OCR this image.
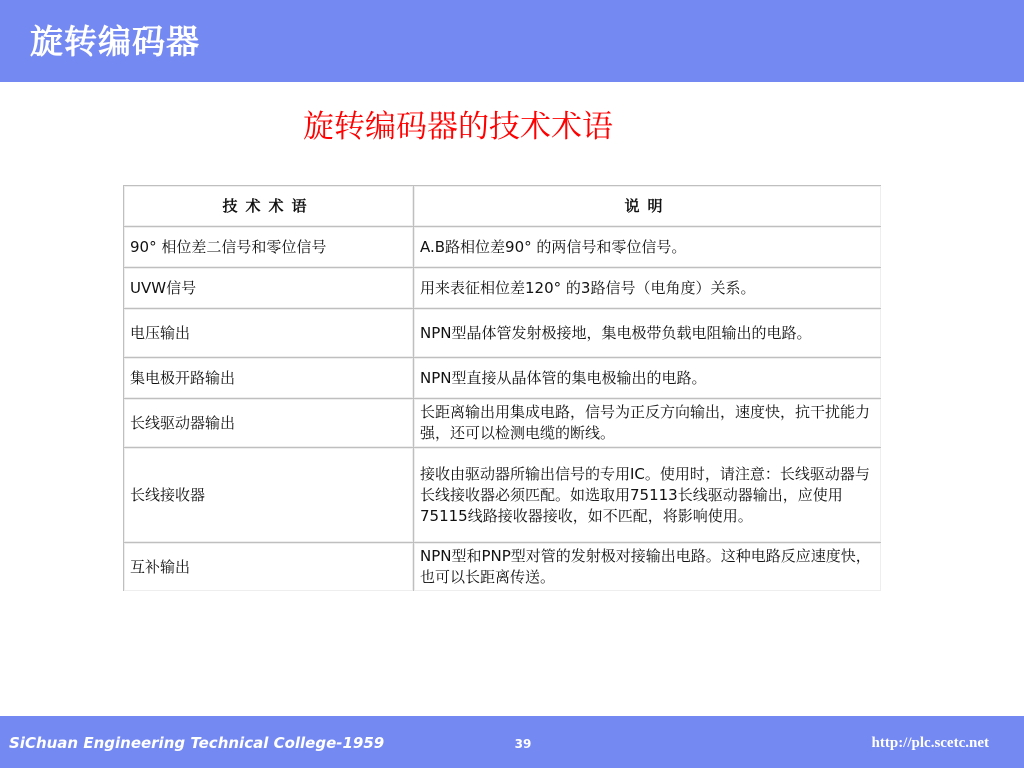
旋转编码器
旋转编码器的技术术语
技术术语	说明
90° 相位差二信号和零位信号	A.B路相位差90° 的两信号和零位信号。
UVW信号	用来表征相位差120° 的3路信号（电角度）关系。
电压输出	NPN型晶体管发射极接地，集电极带负载电阻输出的电路。
集电极开路输出	NPN型直接从晶体管的集电极输出的电路。
长线驱动器输出	长距离输出用集成电路，信号为正反方向输出，速度快，抗干扰能力强，还可以检测电缆的断线。
长线接收器	接收由驱动器所输出信号的专用IC。使用时，请注意：长线驱动器与长线接收器必须匹配。如选取用75113长线驱动器输出，应使用75115线路接收器接收，如不匹配，将影响使用。
互补输出	NPN型和PNP型对管的发射极对接输出电路。这种电路反应速度快，也可以长距离传送。
SiChuan Engineering Technical College-1959	39	http://plc.scetc.net
